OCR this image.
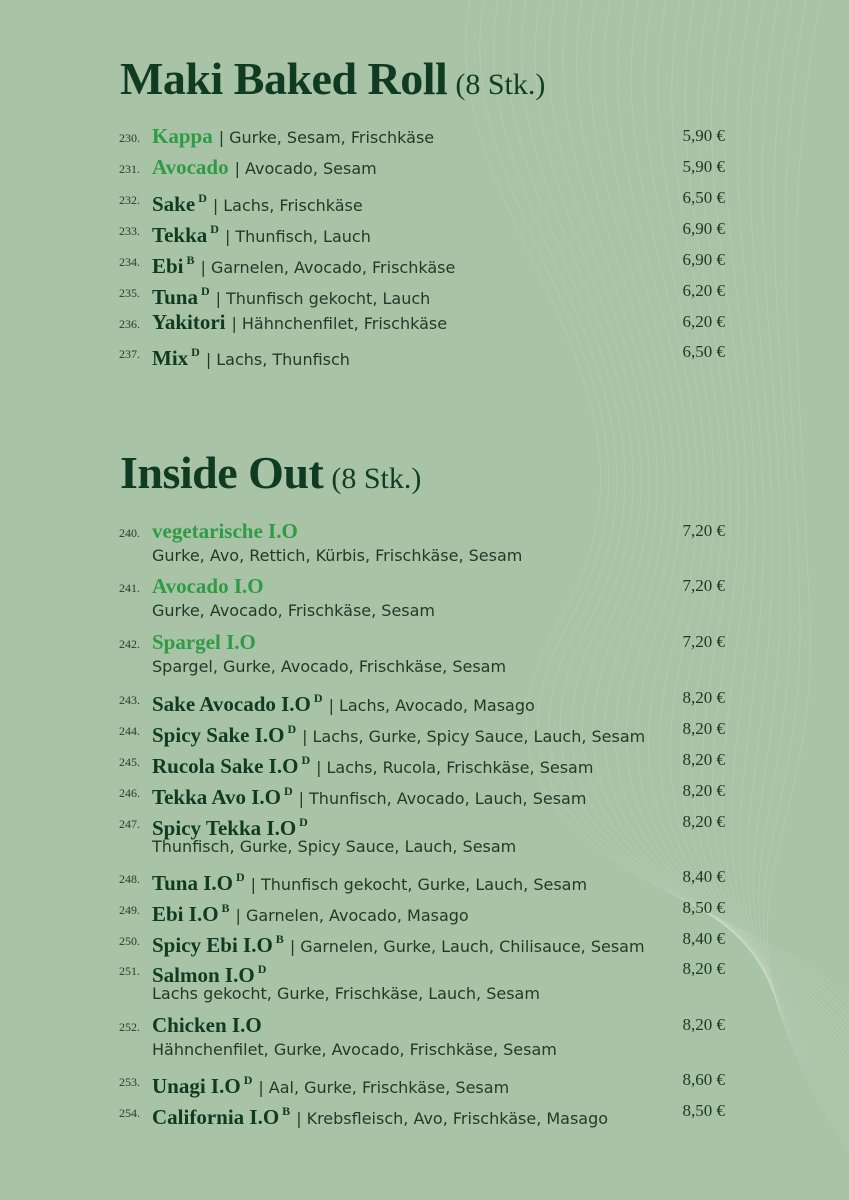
Maki Baked Roll (8 Stk.)
230. Kappa | Gurke, Sesam, Frischkäse	5,90 €
231. Avocado | Avocado, Sesam	5,90 €
232. Sake $^D$ | Lachs, Frischkäse	6,50 €
233. Tekka $^D$ | Thunfisch, Lauch	6,90 €
234. Ebi $^B$ | Garnelen, Avocado, Frischkäse	6,90 €
235. Tuna $^D$ | Thunfisch gekocht, Lauch	6,20 €
236. Yakitori | Hähnchenfilet, Frischkäse	6,20 €
237. Mix $^D$ | Lachs, Thunfisch	6,50 €
Inside Out (8 Stk.)
240. vegetarische I.O
Gurke, Avo, Rettich, Kürbis, Frischkäse, Sesam
7,20 €
241. Avocado I.O
Gurke, Avocado, Frischkäse, Sesam
7,20 €
242. Spargel I.O
Spargel, Gurke, Avocado, Frischkäse, Sesam
7,20 €
243. Sake Avocado I.O $^D$ | Lachs, Avocado, Masago	8,20 €
244. Spicy Sake I.O $^D$ | Lachs, Gurke, Spicy Sauce, Lauch, Sesam	8,20 €
245. Rucola Sake I.O $^D$ | Lachs, Rucola, Frischkäse, Sesam	8,20 €
246. Tekka Avo I.O $^D$ | Thunfisch, Avocado, Lauch, Sesam	8,20 €
247. Spicy Tekka I.O $^D$
Thunfisch, Gurke, Spicy Sauce, Lauch, Sesam
8,20 €
248. Tuna I.O $^D$ | Thunfisch gekocht, Gurke, Lauch, Sesam	8,40 €
249. Ebi I.O $^B$ | Garnelen, Avocado, Masago	8,50 €
250. Spicy Ebi I.O $^B$ | Garnelen, Gurke, Lauch, Chilisauce, Sesam	8,40 €
251. Salmon I.O $^D$
Lachs gekocht, Gurke, Frischkäse, Lauch, Sesam
8,20 €
252. Chicken I.O
Hähnchenfilet, Gurke, Avocado, Frischkäse, Sesam
8,20 €
253. Unagi I.O $^D$ | Aal, Gurke, Frischkäse, Sesam	8,60 €
254. California I.O $^B$ | Krebsfleisch, Avo, Frischkäse, Masago	8,50 €
